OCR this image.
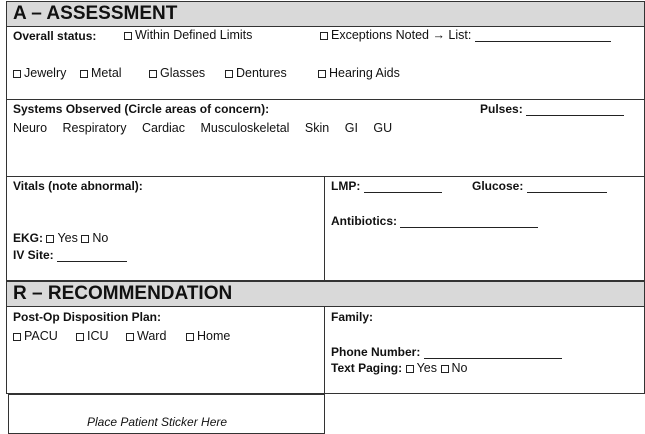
A – ASSESSMENT
Overall status:	Within Defined Limits	Exceptions Noted → List:
Jewelry	Metal	Glasses	Dentures	Hearing Aids
Systems Observed (Circle areas of concern):	Pulses:
Neuro Respiratory Cardiac Musculoskeletal Skin GI GU
Vitals (note abnormal):
EKG: Yes No
IV Site:
LMP:	Glucose:
Antibiotics:
R – RECOMMENDATION
Post-Op Disposition Plan:
PACU	ICU	Ward	Home
Family:
Phone Number:
Text Paging: Yes No
Place Patient Sticker Here
